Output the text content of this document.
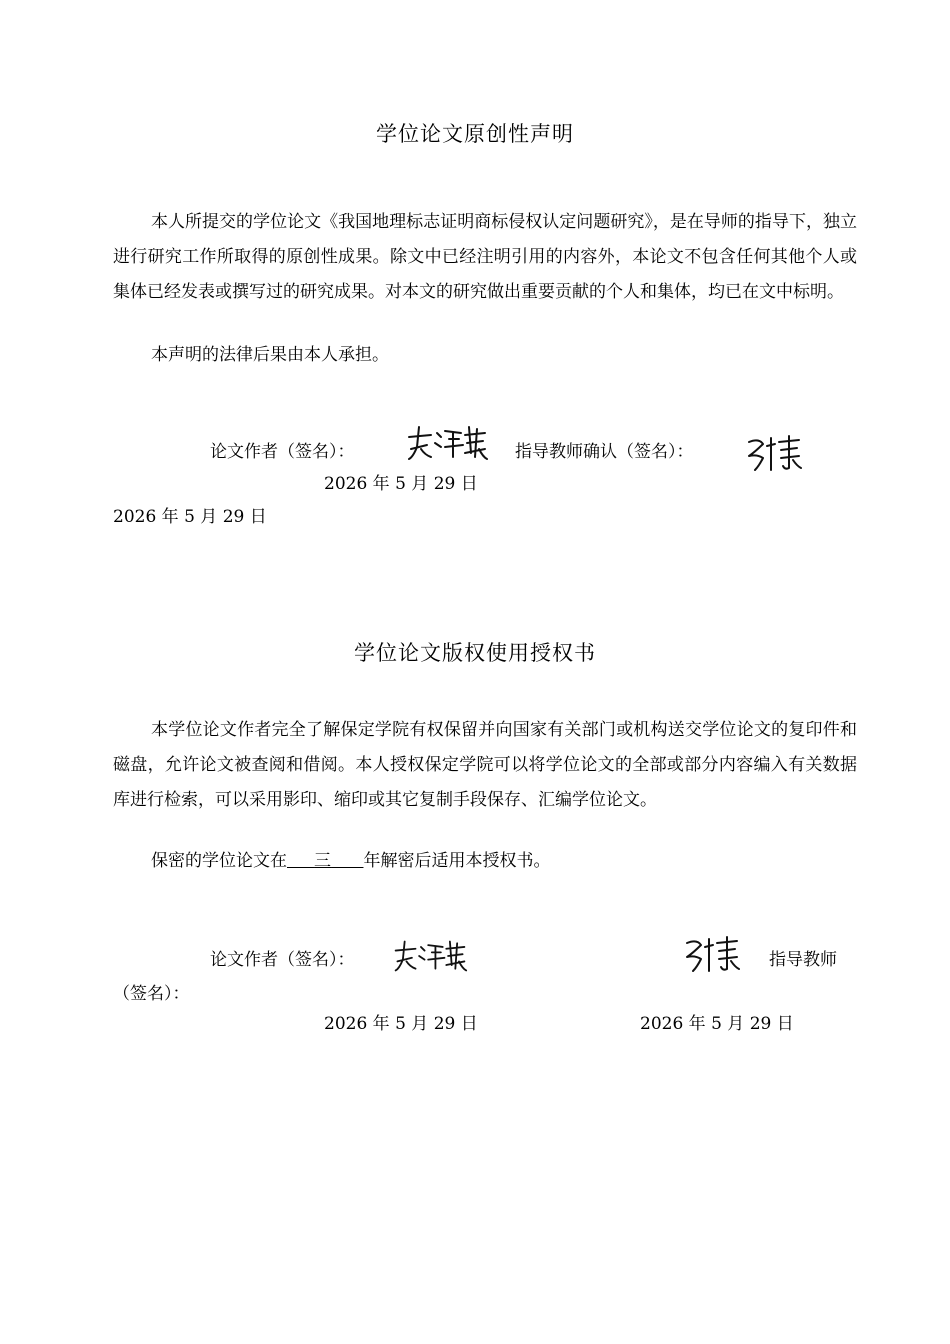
学位论文原创性声明

本人所提交的学位论文《我国地理标志证明商标侵权认定问题研究》，是在导师的指导下，独立进行研究工作所取得的原创性成果。除文中已经注明引用的内容外，本论文不包含任何其他个人或集体已经发表或撰写过的研究成果。对本文的研究做出重要贡献的个人和集体，均已在文中标明。

本声明的法律后果由本人承担。

论文作者（签名）：	指导教师确认（签名）：
2026 年 5 月 29 日
2026 年 5 月 29 日
学位论文版权使用授权书

本学位论文作者完全了解保定学院有权保留并向国家有关部门或机构送交学位论文的复印件和磁盘，允许论文被查阅和借阅。本人授权保定学院可以将学位论文的全部或部分内容编入有关数据库进行检索，可以采用影印、缩印或其它复制手段保存、汇编学位论文。

保密的学位论文在 三 年解密后适用本授权书。
论文作者（签名）：	指导教师
（签名）：
2026 年 5 月 29 日	2026 年 5 月 29 日
